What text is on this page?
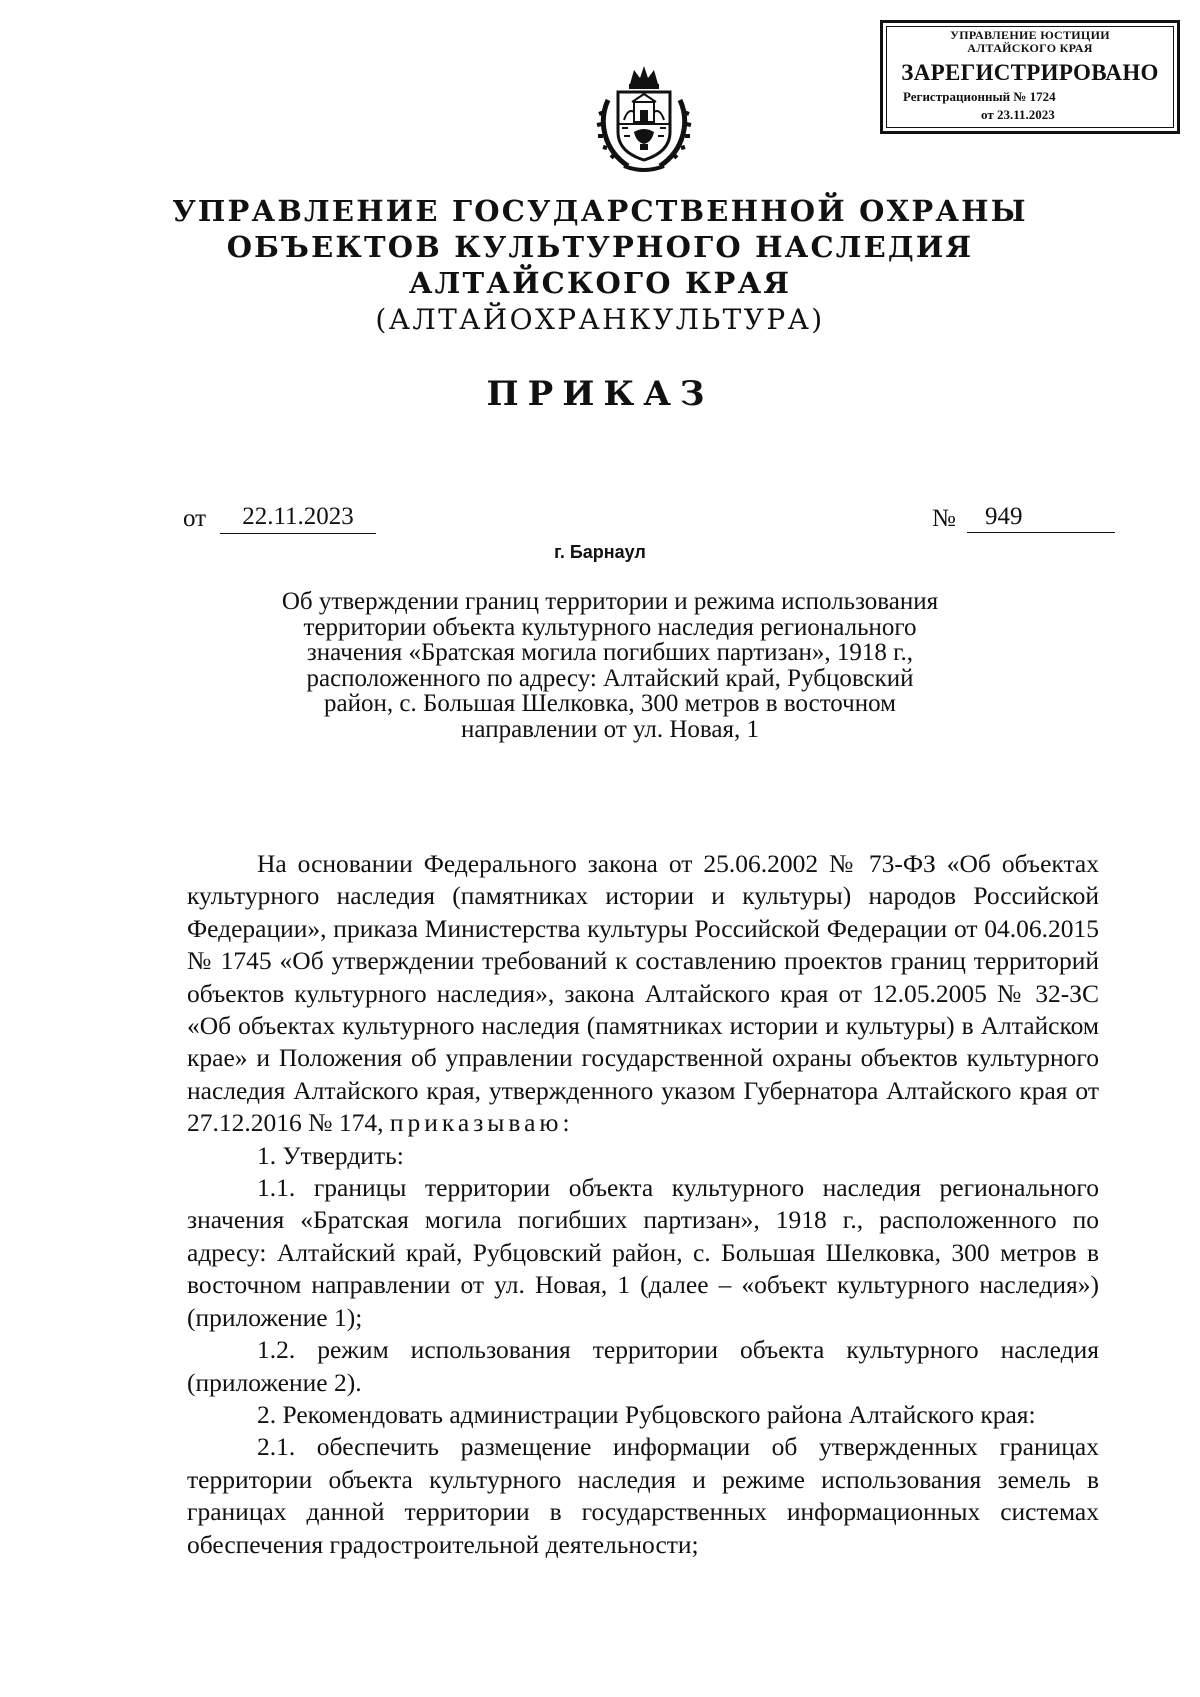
УПРАВЛЕНИЕ ЮСТИЦИИ
АЛТАЙСКОГО КРАЯ
ЗАРЕГИСТРИРОВАНО
Регистрационный № 1724
от 23.11.2023
УПРАВЛЕНИЕ ГОСУДАРСТВЕННОЙ ОХРАНЫ
ОБЪЕКТОВ КУЛЬТУРНОГО НАСЛЕДИЯ
АЛТАЙСКОГО КРАЯ
(АЛТАЙОХРАНКУЛЬТУРА)
ПРИКАЗ
от	22.11.2023	№	949
г. Барнаул
Об утверждении границ территории и режима использования
территории объекта культурного наследия регионального
значения «Братская могила погибших партизан», 1918 г.,
расположенного по адресу: Алтайский край, Рубцовский
район, с. Большая Шелковка, 300 метров в восточном
направлении от ул. Новая, 1

На основании Федерального закона от 25.06.2002 № 73-ФЗ «Об объектах культурного наследия (памятниках истории и культуры) народов Российской Федерации», приказа Министерства культуры Российской Федерации от 04.06.2015 № 1745 «Об утверждении требований к составлению проектов границ территорий объектов культурного наследия», закона Алтайского края от 12.05.2005 № 32-ЗС «Об объектах культурного наследия (памятниках истории и культуры) в Алтайском крае» и Положения об управлении государственной охраны объектов культурного наследия Алтайского края, утвержденного указом Губернатора Алтайского края от 27.12.2016 № 174, приказываю:

1. Утвердить:

1.1. границы территории объекта культурного наследия регионального значения «Братская могила погибших партизан», 1918 г., расположенного по адресу: Алтайский край, Рубцовский район, с. Большая Шелковка, 300 метров в восточном направлении от ул. Новая, 1 (далее – «объект культурного наследия») (приложение 1);

1.2. режим использования территории объекта культурного наследия (приложение 2).

2. Рекомендовать администрации Рубцовского района Алтайского края:

2.1. обеспечить размещение информации об утвержденных границах территории объекта культурного наследия и режиме использования земель в границах данной территории в государственных информационных системах обеспечения градостроительной деятельности;
